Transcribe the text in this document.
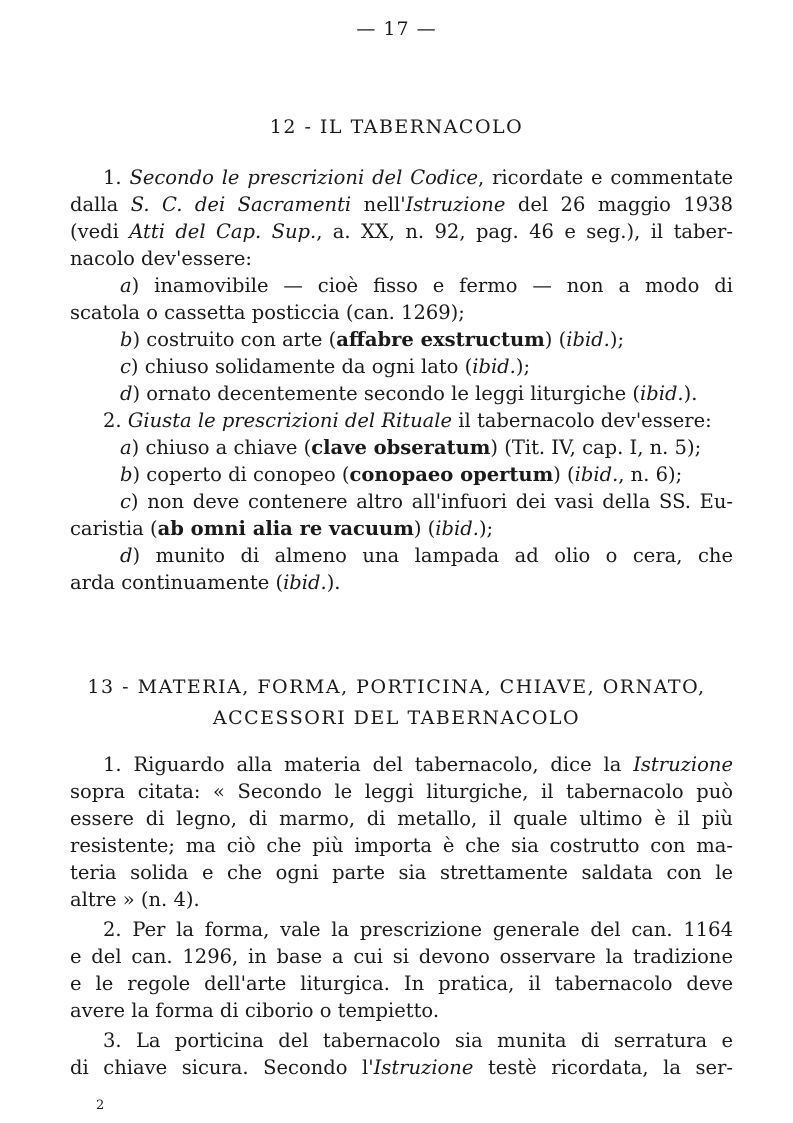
— 17 —
12 - IL TABERNACOLO
1. Secondo le prescrizioni del Codice, ricordate e commentate
dalla S. C. dei Sacramenti nell'Istruzione del 26 maggio 1938
(vedi Atti del Cap. Sup., a. XX, n. 92, pag. 46 e seg.), il taber-
nacolo dev'essere:
a) inamovibile — cioè fisso e fermo — non a modo di
scatola o cassetta posticcia (can. 1269);
b) costruito con arte (affabre exstructum) (ibid.);
c) chiuso solidamente da ogni lato (ibid.);
d) ornato decentemente secondo le leggi liturgiche (ibid.).
2. Giusta le prescrizioni del Rituale il tabernacolo dev'essere:
a) chiuso a chiave (clave obseratum) (Tit. IV, cap. I, n. 5);
b) coperto di conopeo (conopaeo opertum) (ibid., n. 6);
c) non deve contenere altro all'infuori dei vasi della SS. Eu-
caristia (ab omni alia re vacuum) (ibid.);
d) munito di almeno una lampada ad olio o cera, che
arda continuamente (ibid.).
13 - MATERIA, FORMA, PORTICINA, CHIAVE, ORNATO,
ACCESSORI DEL TABERNACOLO
1. Riguardo alla materia del tabernacolo, dice la Istruzione
sopra citata: « Secondo le leggi liturgiche, il tabernacolo può
essere di legno, di marmo, di metallo, il quale ultimo è il più
resistente; ma ciò che più importa è che sia costrutto con ma-
teria solida e che ogni parte sia strettamente saldata con le
altre » (n. 4).
2. Per la forma, vale la prescrizione generale del can. 1164
e del can. 1296, in base a cui si devono osservare la tradizione
e le regole dell'arte liturgica. In pratica, il tabernacolo deve
avere la forma di ciborio o tempietto.
3. La porticina del tabernacolo sia munita di serratura e
di chiave sicura. Secondo l'Istruzione testè ricordata, la ser-
2
